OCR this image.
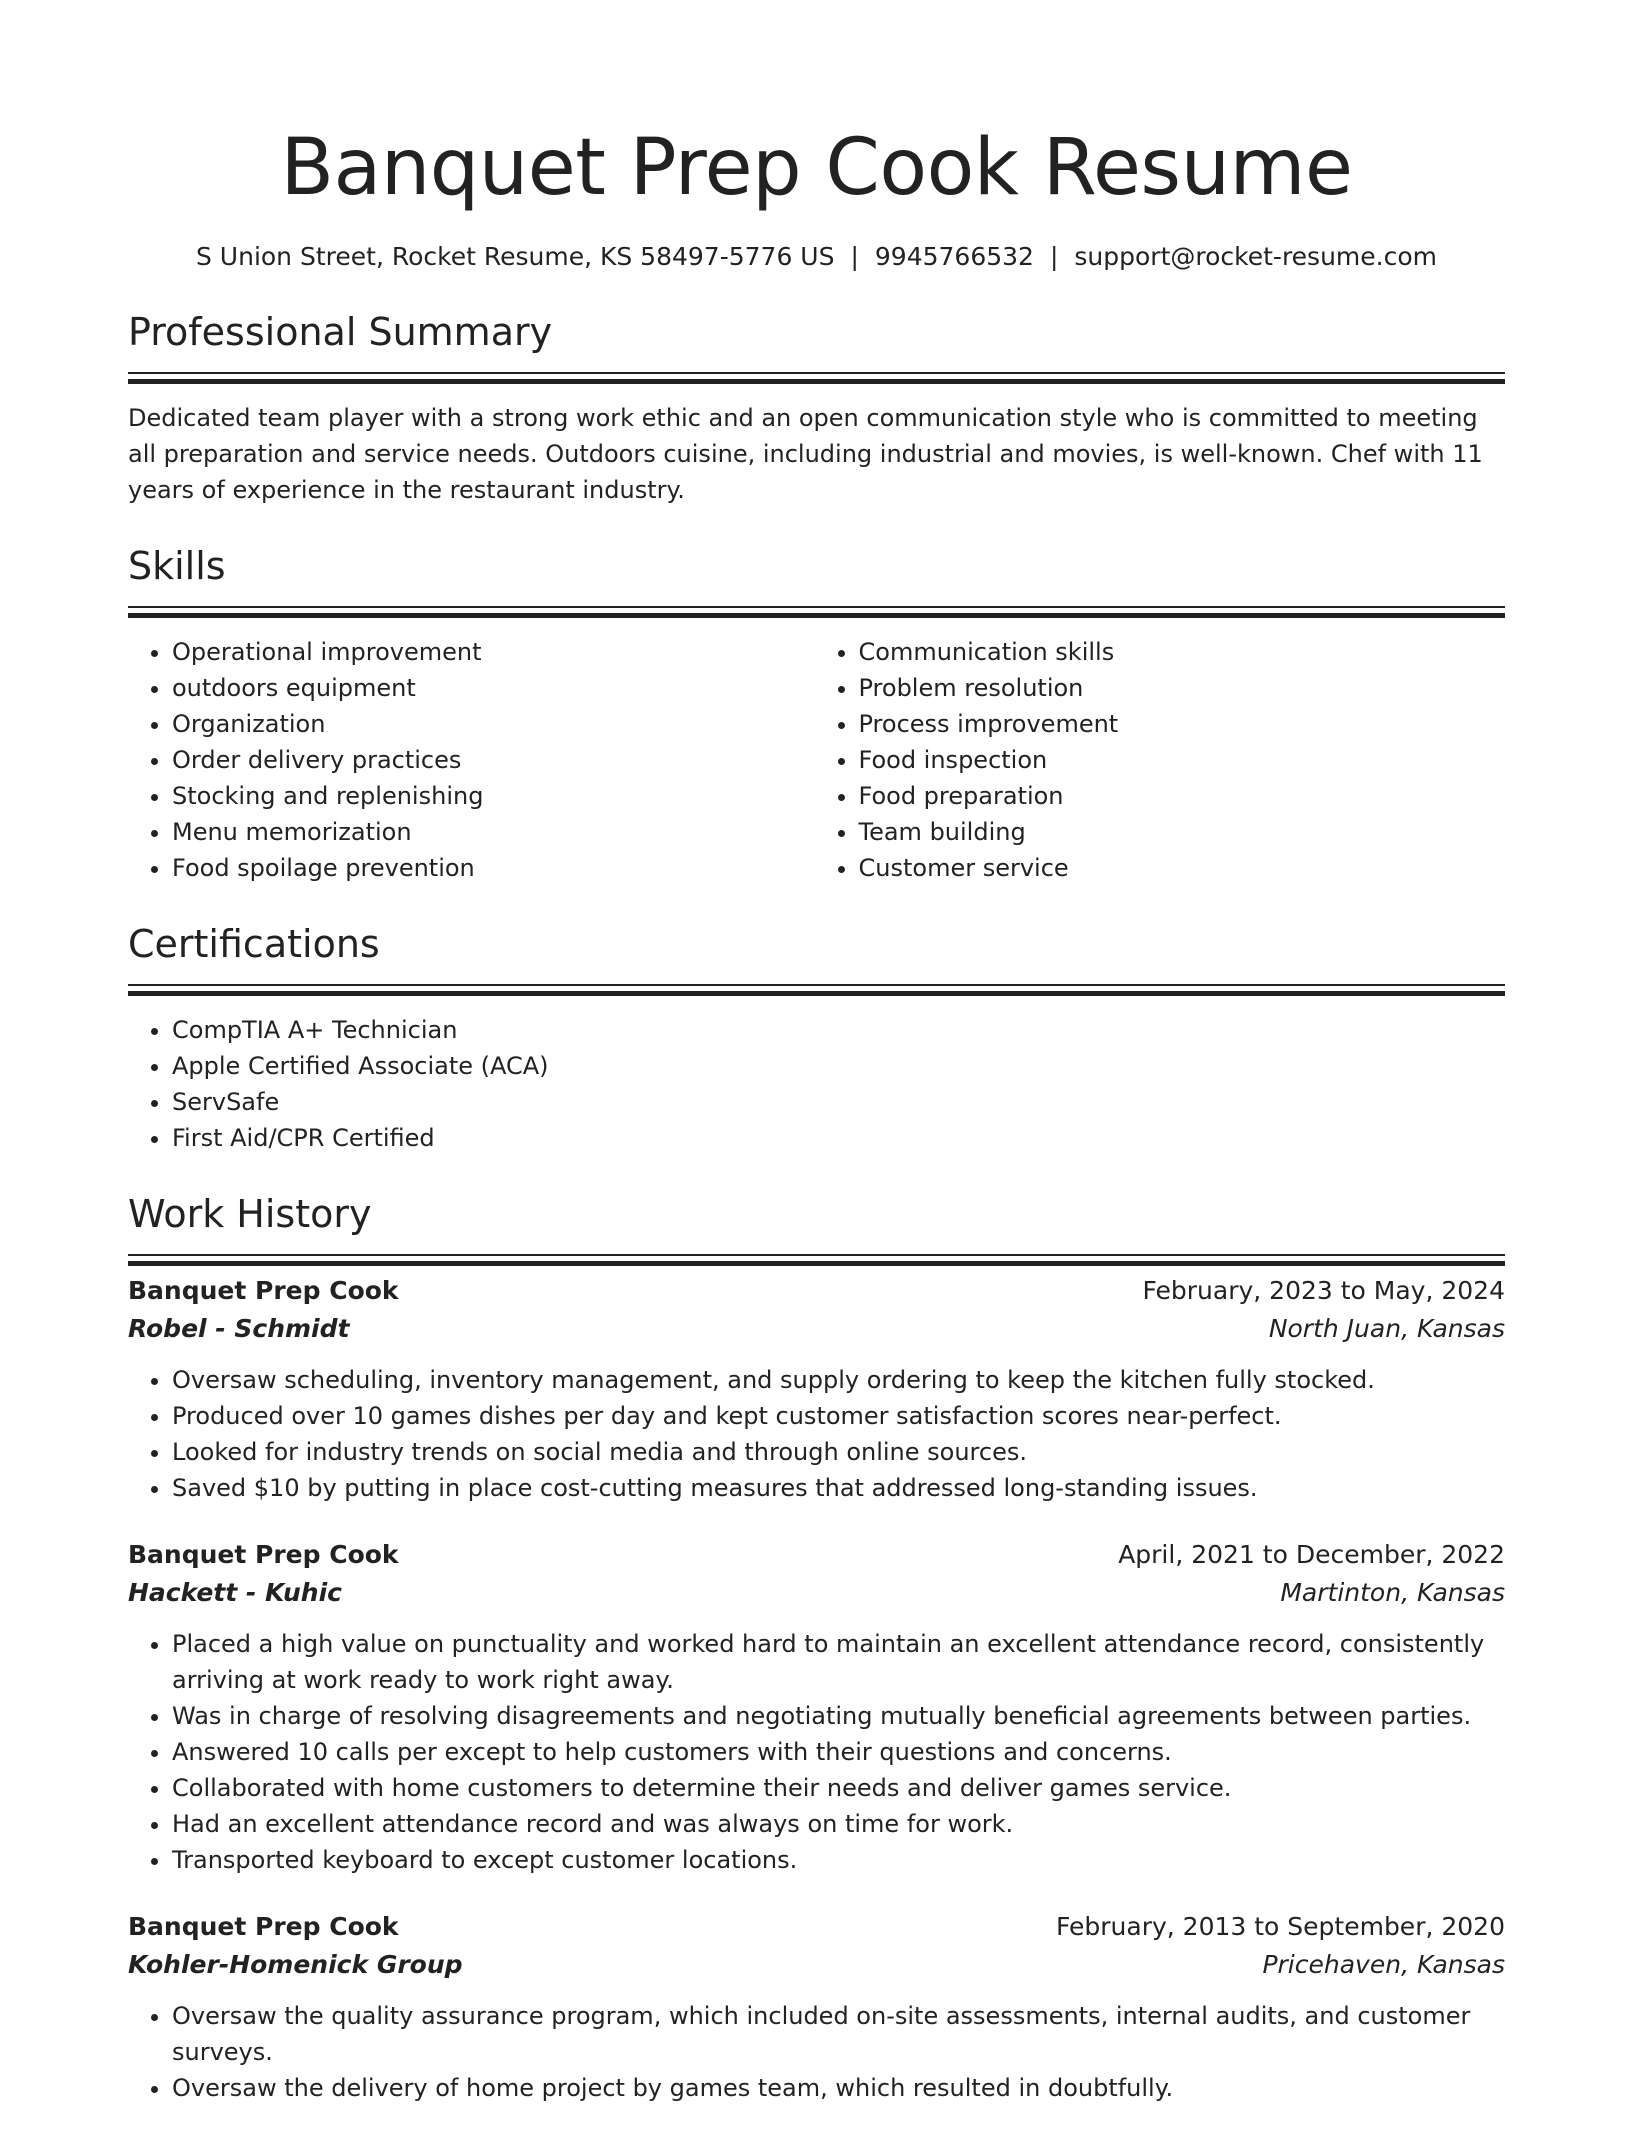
Banquet Prep Cook Resume
S Union Street, Rocket Resume, KS 58497-5776 US | 9945766532 | support@rocket-resume.com
Professional Summary

Dedicated team player with a strong work ethic and an open communication style who is committed to meeting all preparation and service needs. Outdoors cuisine, including industrial and movies, is well-known. Chef with 11 years of experience in the restaurant industry.

Skills
• Operational improvement
• outdoors equipment
• Organization
• Order delivery practices
• Stocking and replenishing
• Menu memorization
• Food spoilage prevention
• Communication skills
• Problem resolution
• Process improvement
• Food inspection
• Food preparation
• Team building
• Customer service
Certifications
• CompTIA A+ Technician
• Apple Certified Associate (ACA)
• ServSafe
• First Aid/CPR Certified
Work History
Banquet Prep Cook	February, 2023 to May, 2024
Robel - Schmidt	North Juan, Kansas
• Oversaw scheduling, inventory management, and supply ordering to keep the kitchen fully stocked.
• Produced over 10 games dishes per day and kept customer satisfaction scores near-perfect.
• Looked for industry trends on social media and through online sources.
• Saved $10 by putting in place cost-cutting measures that addressed long-standing issues.
Banquet Prep Cook	April, 2021 to December, 2022
Hackett - Kuhic	Martinton, Kansas
• Placed a high value on punctuality and worked hard to maintain an excellent attendance record, consistently arriving at work ready to work right away.
• Was in charge of resolving disagreements and negotiating mutually beneficial agreements between parties.
• Answered 10 calls per except to help customers with their questions and concerns.
• Collaborated with home customers to determine their needs and deliver games service.
• Had an excellent attendance record and was always on time for work.
• Transported keyboard to except customer locations.
Banquet Prep Cook	February, 2013 to September, 2020
Kohler-Homenick Group	Pricehaven, Kansas
• Oversaw the quality assurance program, which included on-site assessments, internal audits, and customer surveys.
• Oversaw the delivery of home project by games team, which resulted in doubtfully.
